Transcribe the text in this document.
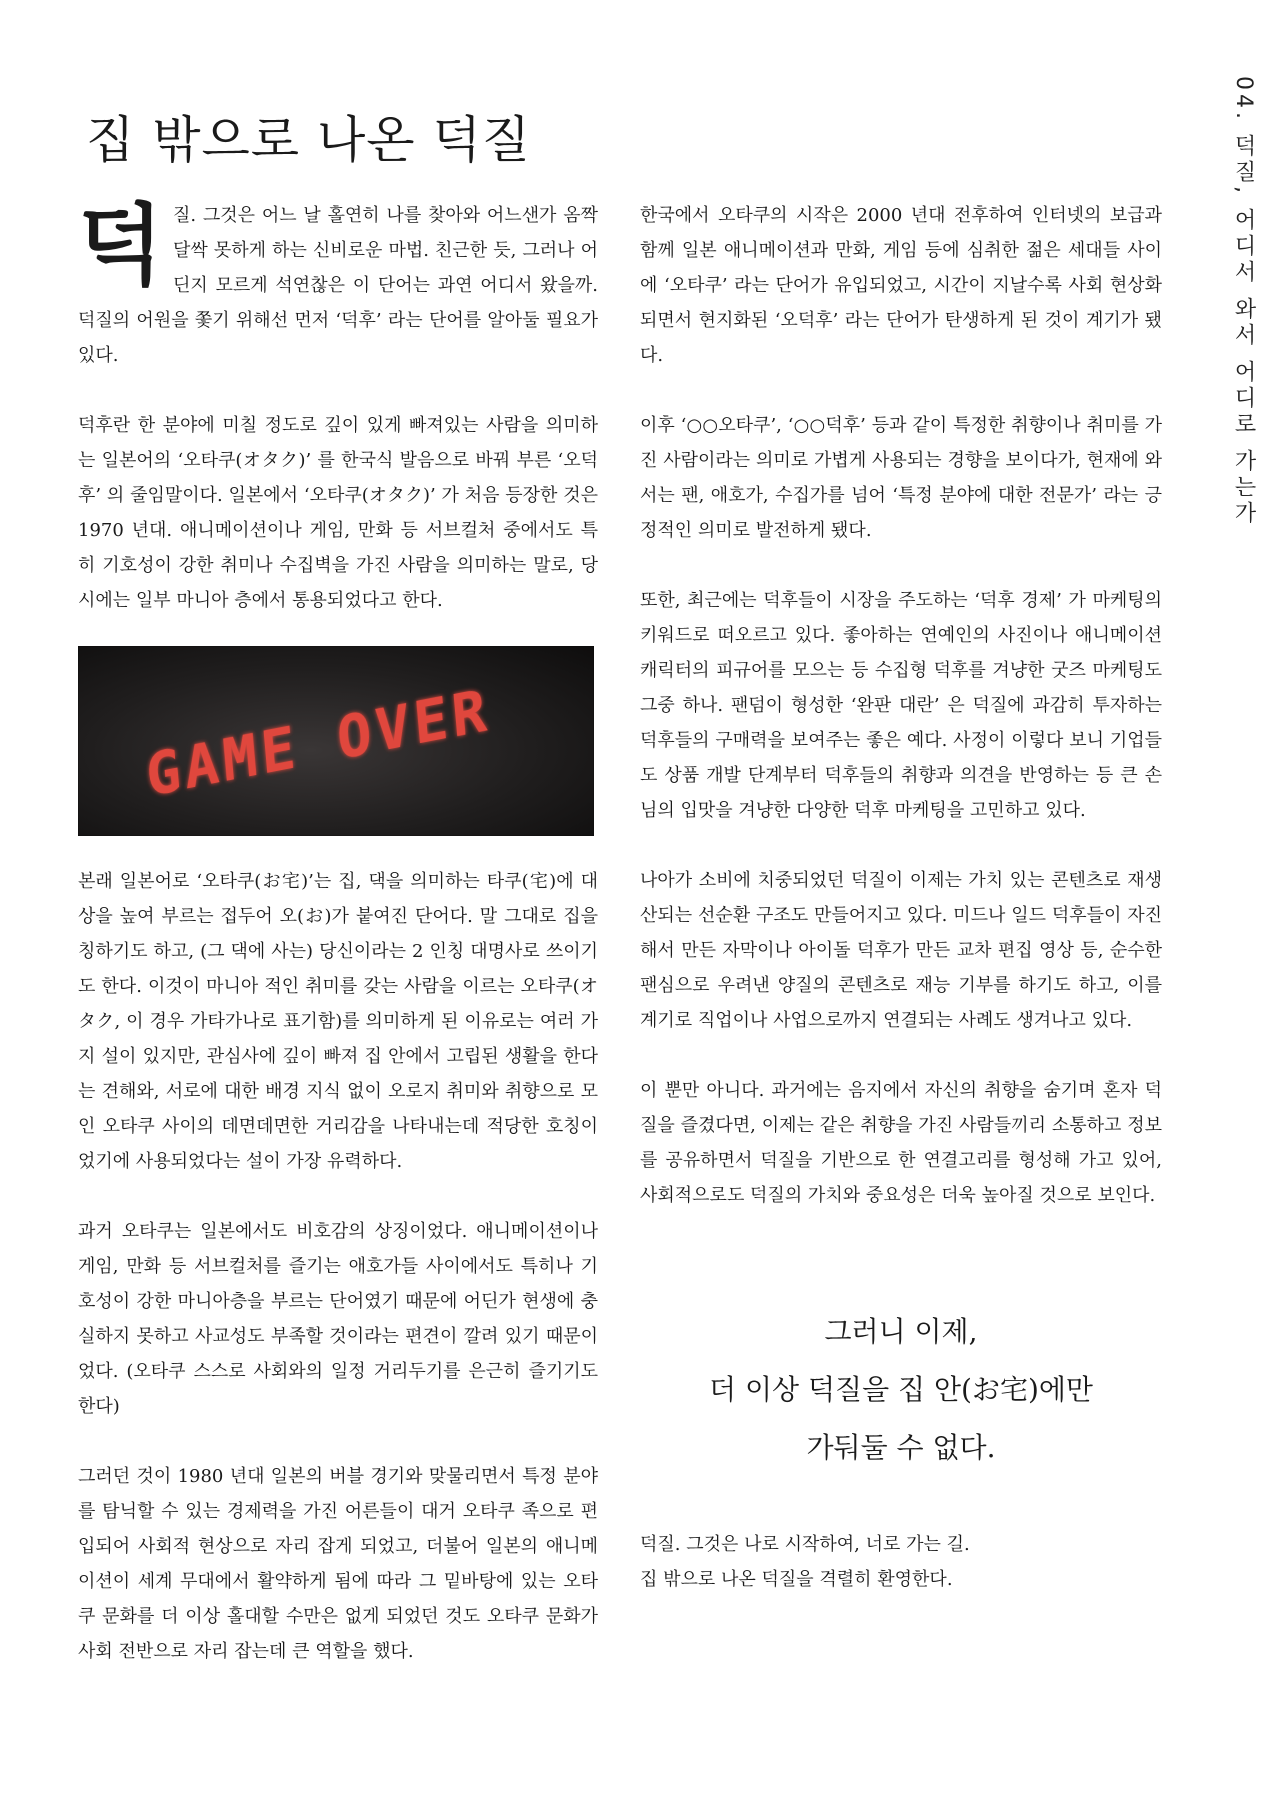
집 밖으로 나온 덕질	04. 덕질, 어디서 와서 어디로 가는가

덕질. 그것은 어느 날 홀연히 나를 찾아와 어느샌가 옴짝달싹 못하게 하는 신비로운 마법. 친근한 듯, 그러나 어딘지 모르게 석연찮은 이 단어는 과연 어디서 왔을까. 덕질의 어원을 쫓기 위해선 먼저 ‘덕후’ 라는 단어를 알아둘 필요가 있다.

덕후란 한 분야에 미칠 정도로 깊이 있게 빠져있는 사람을 의미하는 일본어의 ‘오타쿠(オタク)’ 를 한국식 발음으로 바꿔 부른 ‘오덕후’ 의 줄임말이다. 일본에서 ‘오타쿠(オタク)’ 가 처음 등장한 것은 1970 년대. 애니메이션이나 게임, 만화 등 서브컬처 중에서도 특히 기호성이 강한 취미나 수집벽을 가진 사람을 의미하는 말로, 당시에는 일부 마니아 층에서 통용되었다고 한다.

GAME OVER

본래 일본어로 ‘오타쿠(お宅)’는 집, 댁을 의미하는 타쿠(宅)에 대상을 높여 부르는 접두어 오(お)가 붙여진 단어다. 말 그대로 집을 칭하기도 하고, (그 댁에 사는) 당신이라는 2 인칭 대명사로 쓰이기도 한다. 이것이 마니아 적인 취미를 갖는 사람을 이르는 오타쿠(オタク, 이 경우 가타가나로 표기함)를 의미하게 된 이유로는 여러 가지 설이 있지만, 관심사에 깊이 빠져 집 안에서 고립된 생활을 한다는 견해와, 서로에 대한 배경 지식 없이 오로지 취미와 취향으로 모인 오타쿠 사이의 데면데면한 거리감을 나타내는데 적당한 호칭이었기에 사용되었다는 설이 가장 유력하다.

과거 오타쿠는 일본에서도 비호감의 상징이었다. 애니메이션이나 게임, 만화 등 서브컬처를 즐기는 애호가들 사이에서도 특히나 기호성이 강한 마니아층을 부르는 단어였기 때문에 어딘가 현생에 충실하지 못하고 사교성도 부족할 것이라는 편견이 깔려 있기 때문이었다. (오타쿠 스스로 사회와의 일정 거리두기를 은근히 즐기기도 한다)

그러던 것이 1980 년대 일본의 버블 경기와 맞물리면서 특정 분야를 탐닉할 수 있는 경제력을 가진 어른들이 대거 오타쿠 족으로 편입되어 사회적 현상으로 자리 잡게 되었고, 더불어 일본의 애니메이션이 세계 무대에서 활약하게 됨에 따라 그 밑바탕에 있는 오타쿠 문화를 더 이상 홀대할 수만은 없게 되었던 것도 오타쿠 문화가 사회 전반으로 자리 잡는데 큰 역할을 했다.

한국에서 오타쿠의 시작은 2000 년대 전후하여 인터넷의 보급과 함께 일본 애니메이션과 만화, 게임 등에 심취한 젊은 세대들 사이에 ‘오타쿠’ 라는 단어가 유입되었고, 시간이 지날수록 사회 현상화되면서 현지화된 ‘오덕후’ 라는 단어가 탄생하게 된 것이 계기가 됐다.

이후 ‘○○오타쿠’, ‘○○덕후’ 등과 같이 특정한 취향이나 취미를 가진 사람이라는 의미로 가볍게 사용되는 경향을 보이다가, 현재에 와서는 팬, 애호가, 수집가를 넘어 ‘특정 분야에 대한 전문가’ 라는 긍정적인 의미로 발전하게 됐다.

또한, 최근에는 덕후들이 시장을 주도하는 ‘덕후 경제’ 가 마케팅의 키워드로 떠오르고 있다. 좋아하는 연예인의 사진이나 애니메이션 캐릭터의 피규어를 모으는 등 수집형 덕후를 겨냥한 굿즈 마케팅도 그중 하나. 팬덤이 형성한 ‘완판 대란’ 은 덕질에 과감히 투자하는 덕후들의 구매력을 보여주는 좋은 예다. 사정이 이렇다 보니 기업들도 상품 개발 단계부터 덕후들의 취향과 의견을 반영하는 등 큰 손님의 입맛을 겨냥한 다양한 덕후 마케팅을 고민하고 있다.

나아가 소비에 치중되었던 덕질이 이제는 가치 있는 콘텐츠로 재생산되는 선순환 구조도 만들어지고 있다. 미드나 일드 덕후들이 자진해서 만든 자막이나 아이돌 덕후가 만든 교차 편집 영상 등, 순수한 팬심으로 우려낸 양질의 콘텐츠로 재능 기부를 하기도 하고, 이를 계기로 직업이나 사업으로까지 연결되는 사례도 생겨나고 있다.

이 뿐만 아니다. 과거에는 음지에서 자신의 취향을 숨기며 혼자 덕질을 즐겼다면, 이제는 같은 취향을 가진 사람들끼리 소통하고 정보를 공유하면서 덕질을 기반으로 한 연결고리를 형성해 가고 있어, 사회적으로도 덕질의 가치와 중요성은 더욱 높아질 것으로 보인다.

그러니 이제,

더 이상 덕질을 집 안(お宅)에만

가둬둘 수 없다.

덕질. 그것은 나로 시작하여, 너로 가는 길.

집 밖으로 나온 덕질을 격렬히 환영한다.
